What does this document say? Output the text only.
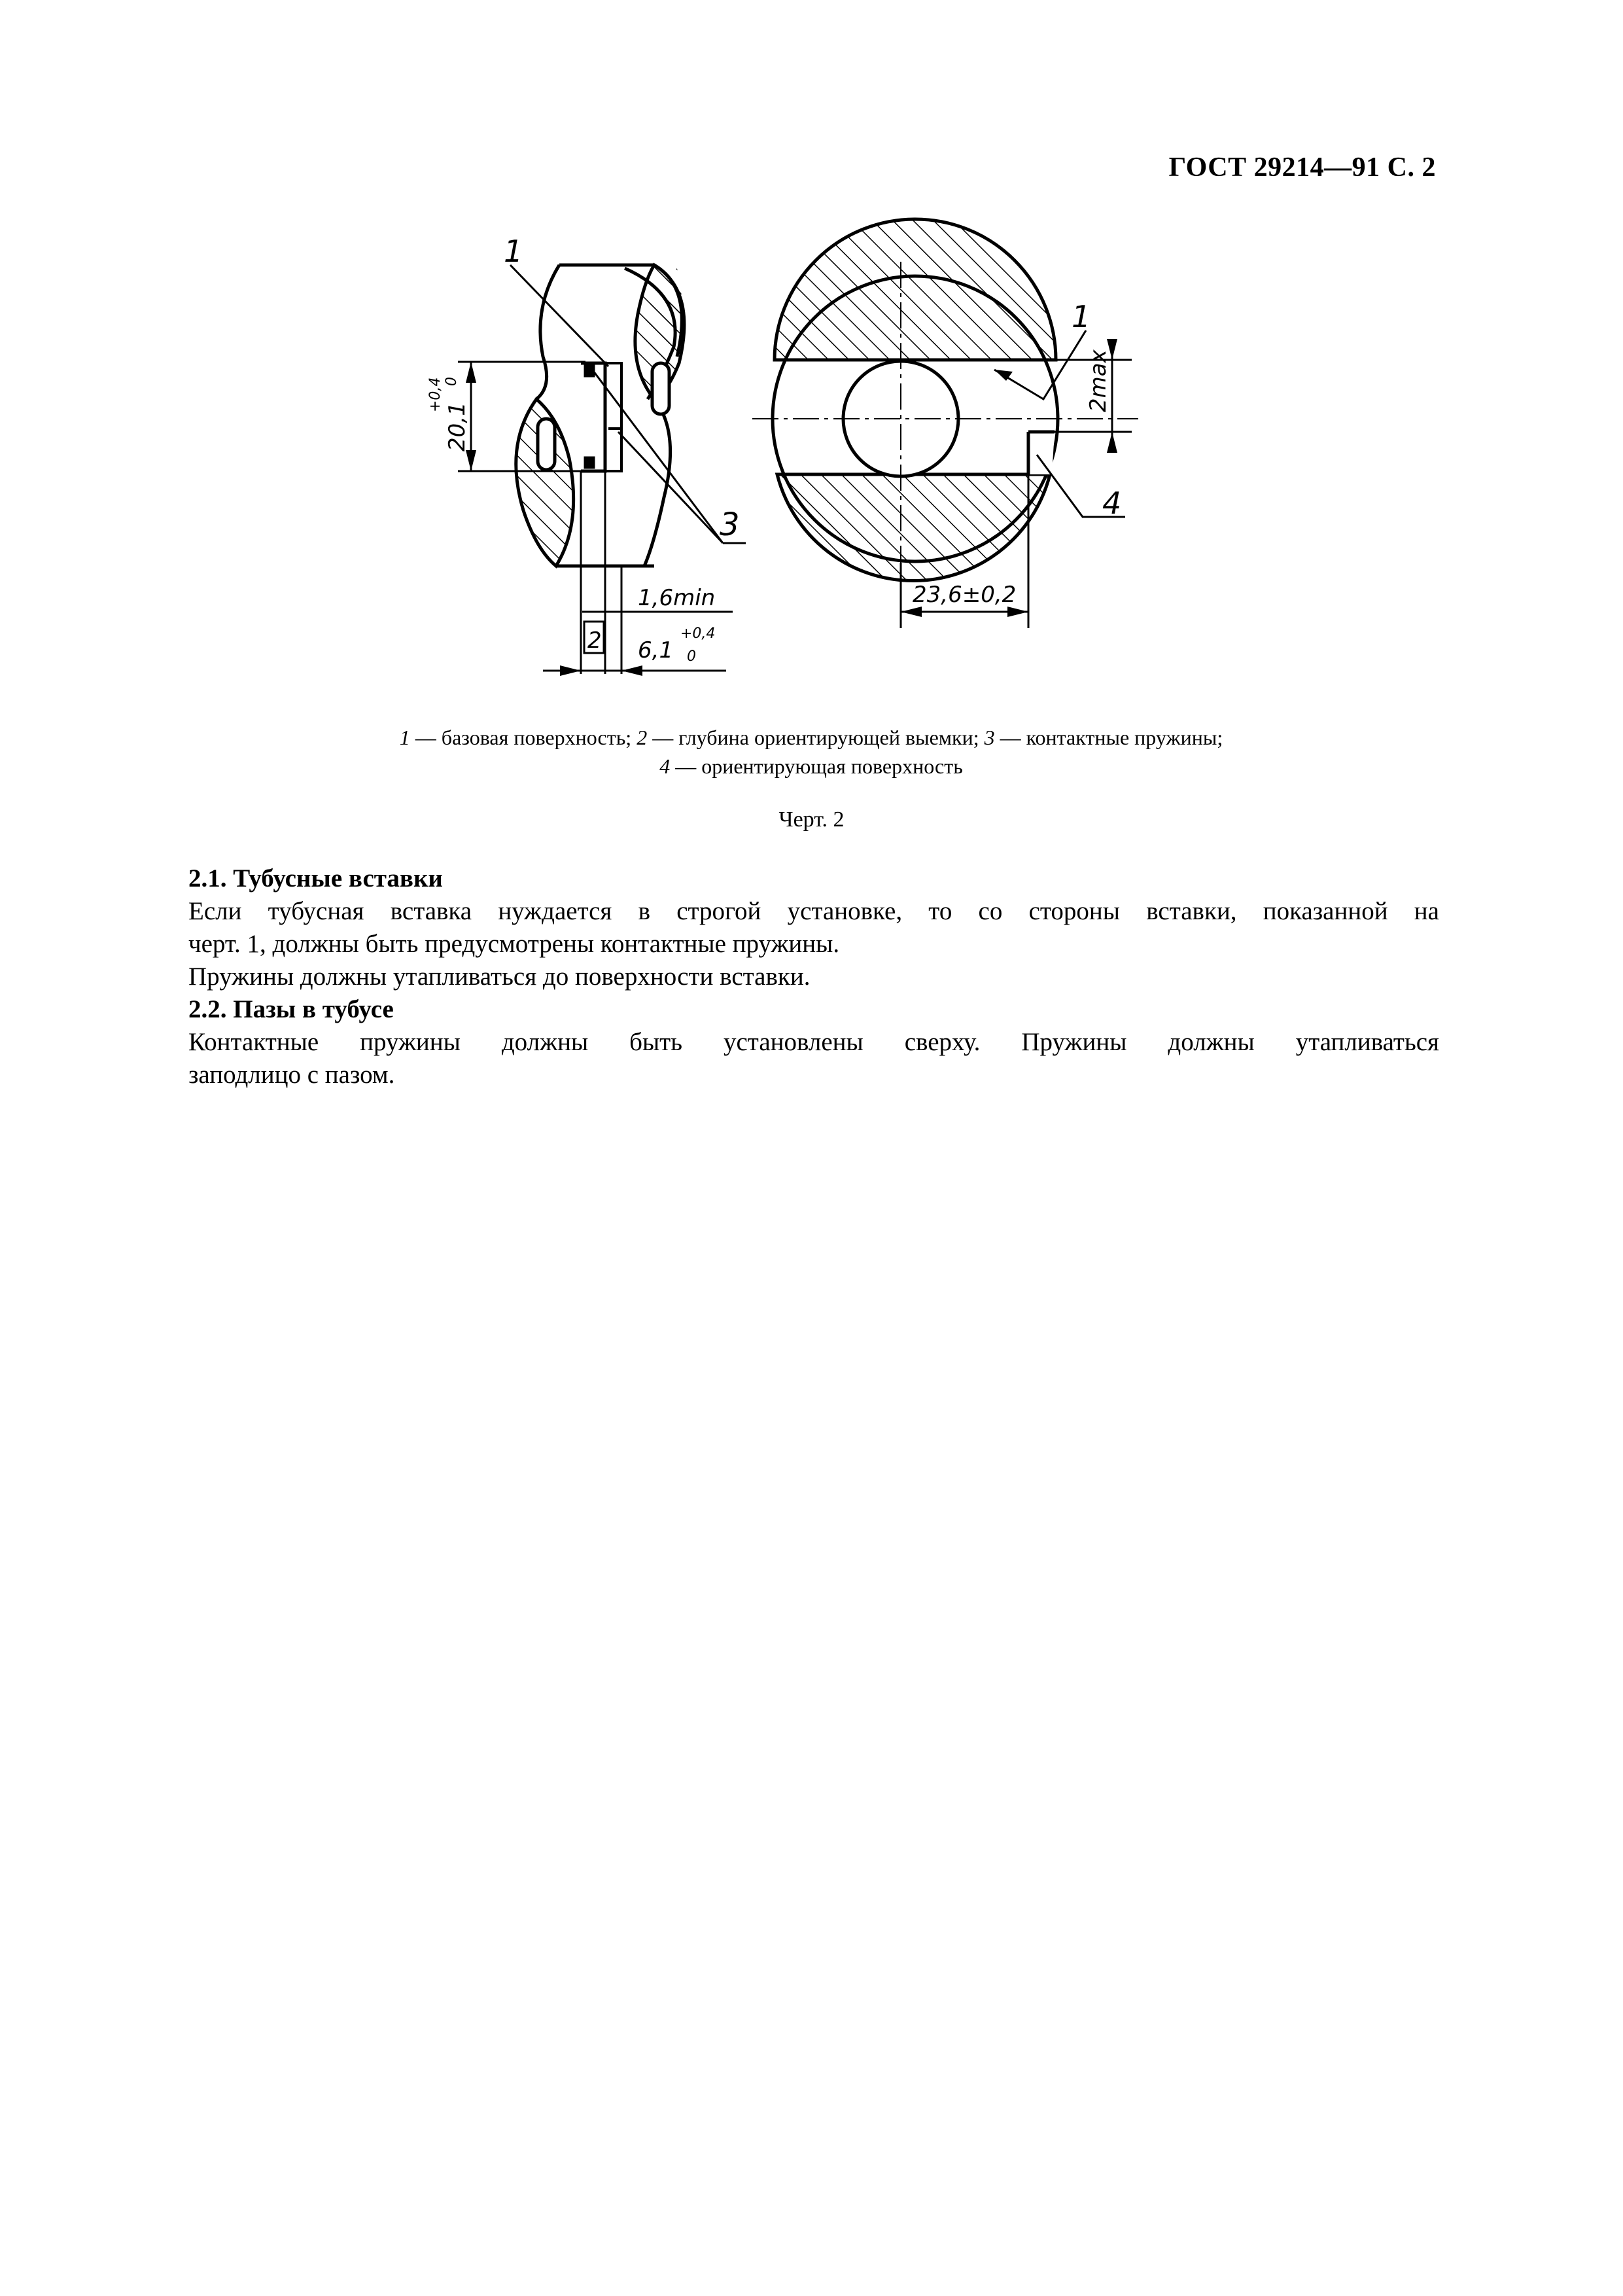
ГОСТ 29214—91 С. 2
1
3
20,1
+0,4 0
1,6min
2 6,1
+0,4
0
1
4
2max
23,6±0,2
1 — базовая поверхность; 2 — глубина ориентирующей выемки; 3 — контактные пружины;
4 — ориентирующая поверхность
Черт. 2

2.1. Тубусные вставки

Если тубусная вставка нуждается в строгой установке, то со стороны вставки, показанной на
черт. 1, должны быть предусмотрены контактные пружины.

Пружины должны утапливаться до поверхности вставки.

2.2. Пазы в тубусе

Контактные пружины должны быть установлены сверху. Пружины должны утапливаться
заподлицо с пазом.
